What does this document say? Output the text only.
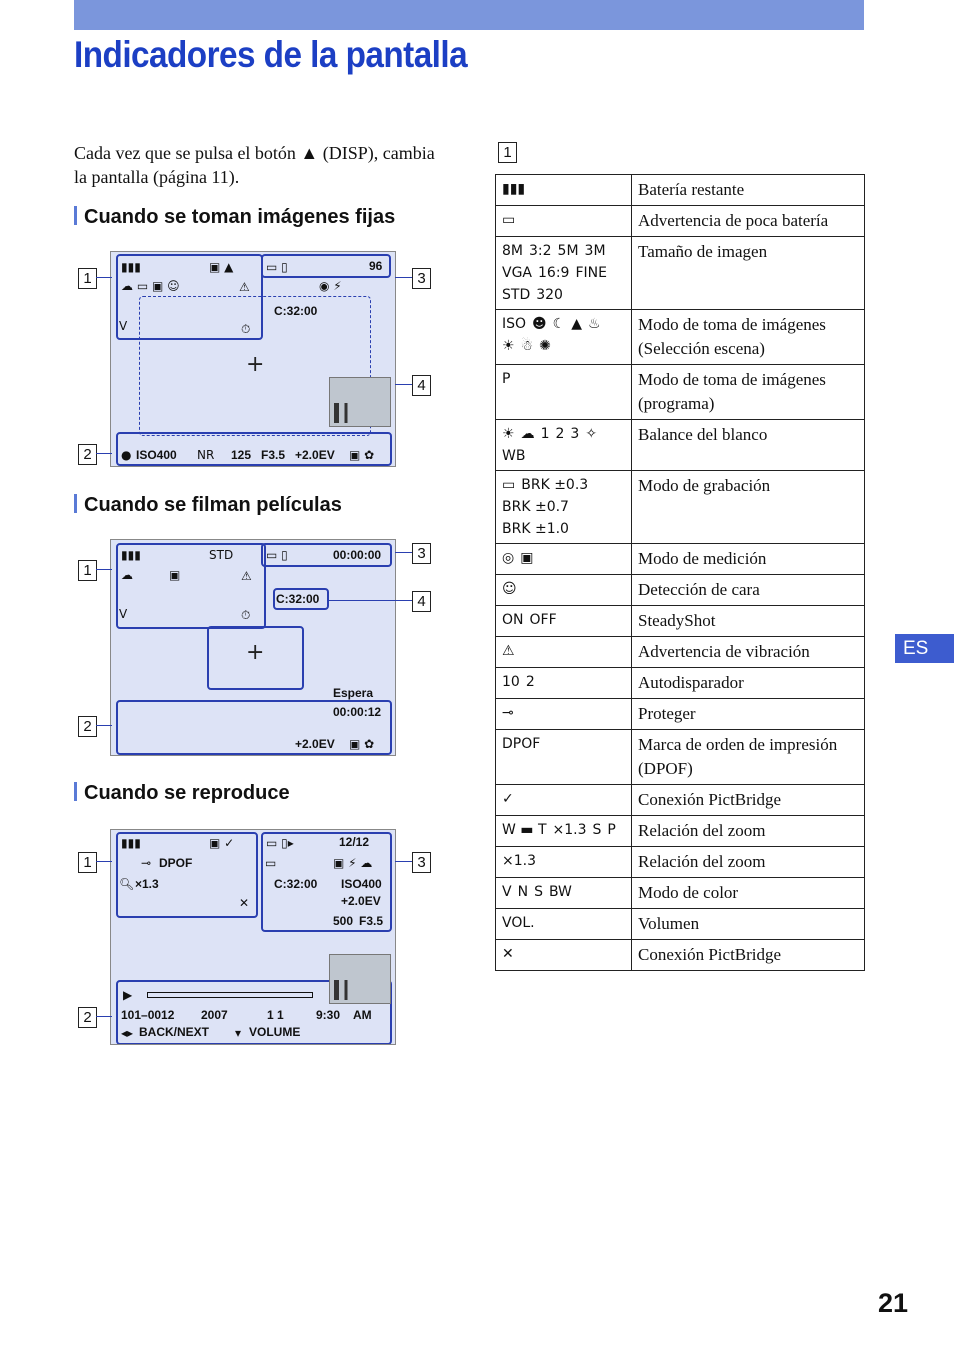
Indicadores de la pantalla

Cada vez que se pulsa el botón ▲ (DISP), cambia la pantalla (página 11).

Cuando se toman imágenes fijas
1
2
3
4
▮▮▮	▣ ▲	▭ ▯	96
☁ ▭ ▣ ☺	◉ ⚡
⚠
C:32:00
⏱
V
+
● ISO400 NR 125 F3.5 +2.0EV ▣ ✿
Cuando se filman películas
1
2
3
4
▮▮▮	STD	▭ ▯	00:00:00
☁	▣	⚠
V	⏱
C:32:00
+
Espera
00:00:12
+2.0EV ▣ ✿
Cuando se reproduce
1
2
3
▮▮▮	▣ ✓	▭ ▯▸	12/12
⊸ DPOF	▭	▣ ⚡ ☁
🔍︎ ×1.3	C:32:00 ISO400
✕	+2.0EV
500 F3.5
▶
101–0012 2007	1 1	9:30 AM
◂▸ BACK/NEXT ▾ VOLUME
1
▮▮▮	Batería restante
▭	Advertencia de poca batería
8M 3:2 5M 3MVGA 16:9 FINESTD 320	Tamaño de imagen
ISO ☻ ☾ ▲ ♨☀ ☃ ✺	Modo de toma de imágenes (Selección escena)
P	Modo de toma de imágenes (programa)
☀ ☁ 1 2 3 ✧WB	Balance del blanco
▭ BRK ±0.3BRK ±0.7BRK ±1.0	Modo de grabación
◎ ▣	Modo de medición
☺	Detección de cara
ON OFF	SteadyShot
⚠	Advertencia de vibración
10 2	Autodisparador
⊸	Proteger
DPOF	Marca de orden de impresión (DPOF)
✓	Conexión PictBridge
W ▬ T ×1.3 S P	Relación del zoom
×1.3	Relación del zoom
V N S BW	Modo de color
VOL.	Volumen
✕	Conexión PictBridge
ES
21
